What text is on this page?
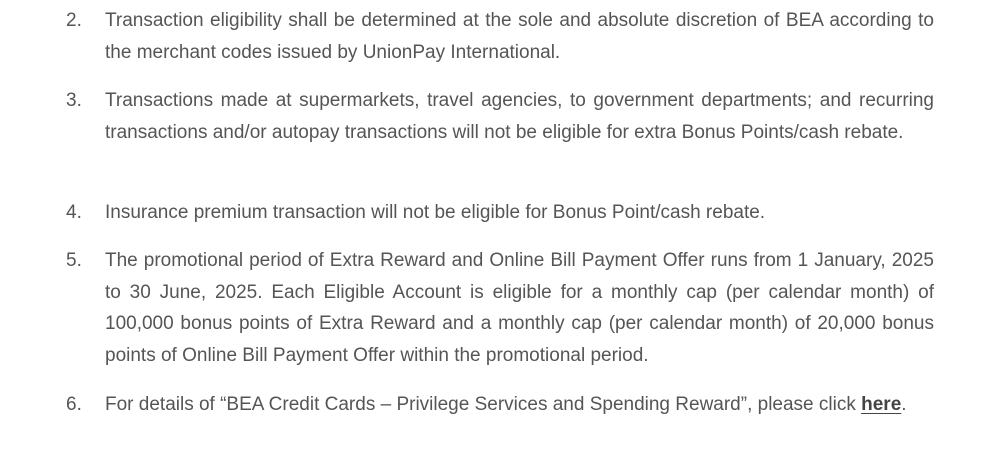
2. Transaction eligibility shall be determined at the sole and absolute discretion of BEA according to the merchant codes issued by UnionPay International.

3. Transactions made at supermarkets, travel agencies, to government departments; and recurring transactions and/or autopay transactions will not be eligible for extra Bonus Points/cash rebate.

4. Insurance premium transaction will not be eligible for Bonus Point/cash rebate.

5. The promotional period of Extra Reward and Online Bill Payment Offer runs from 1 January, 2025 to 30 June, 2025. Each Eligible Account is eligible for a monthly cap (per calendar month) of 100,000 bonus points of Extra Reward and a monthly cap (per calendar month) of 20,000 bonus points of Online Bill Payment Offer within the promotional period.

6. For details of “BEA Credit Cards – Privilege Services and Spending Reward”, please click here.
